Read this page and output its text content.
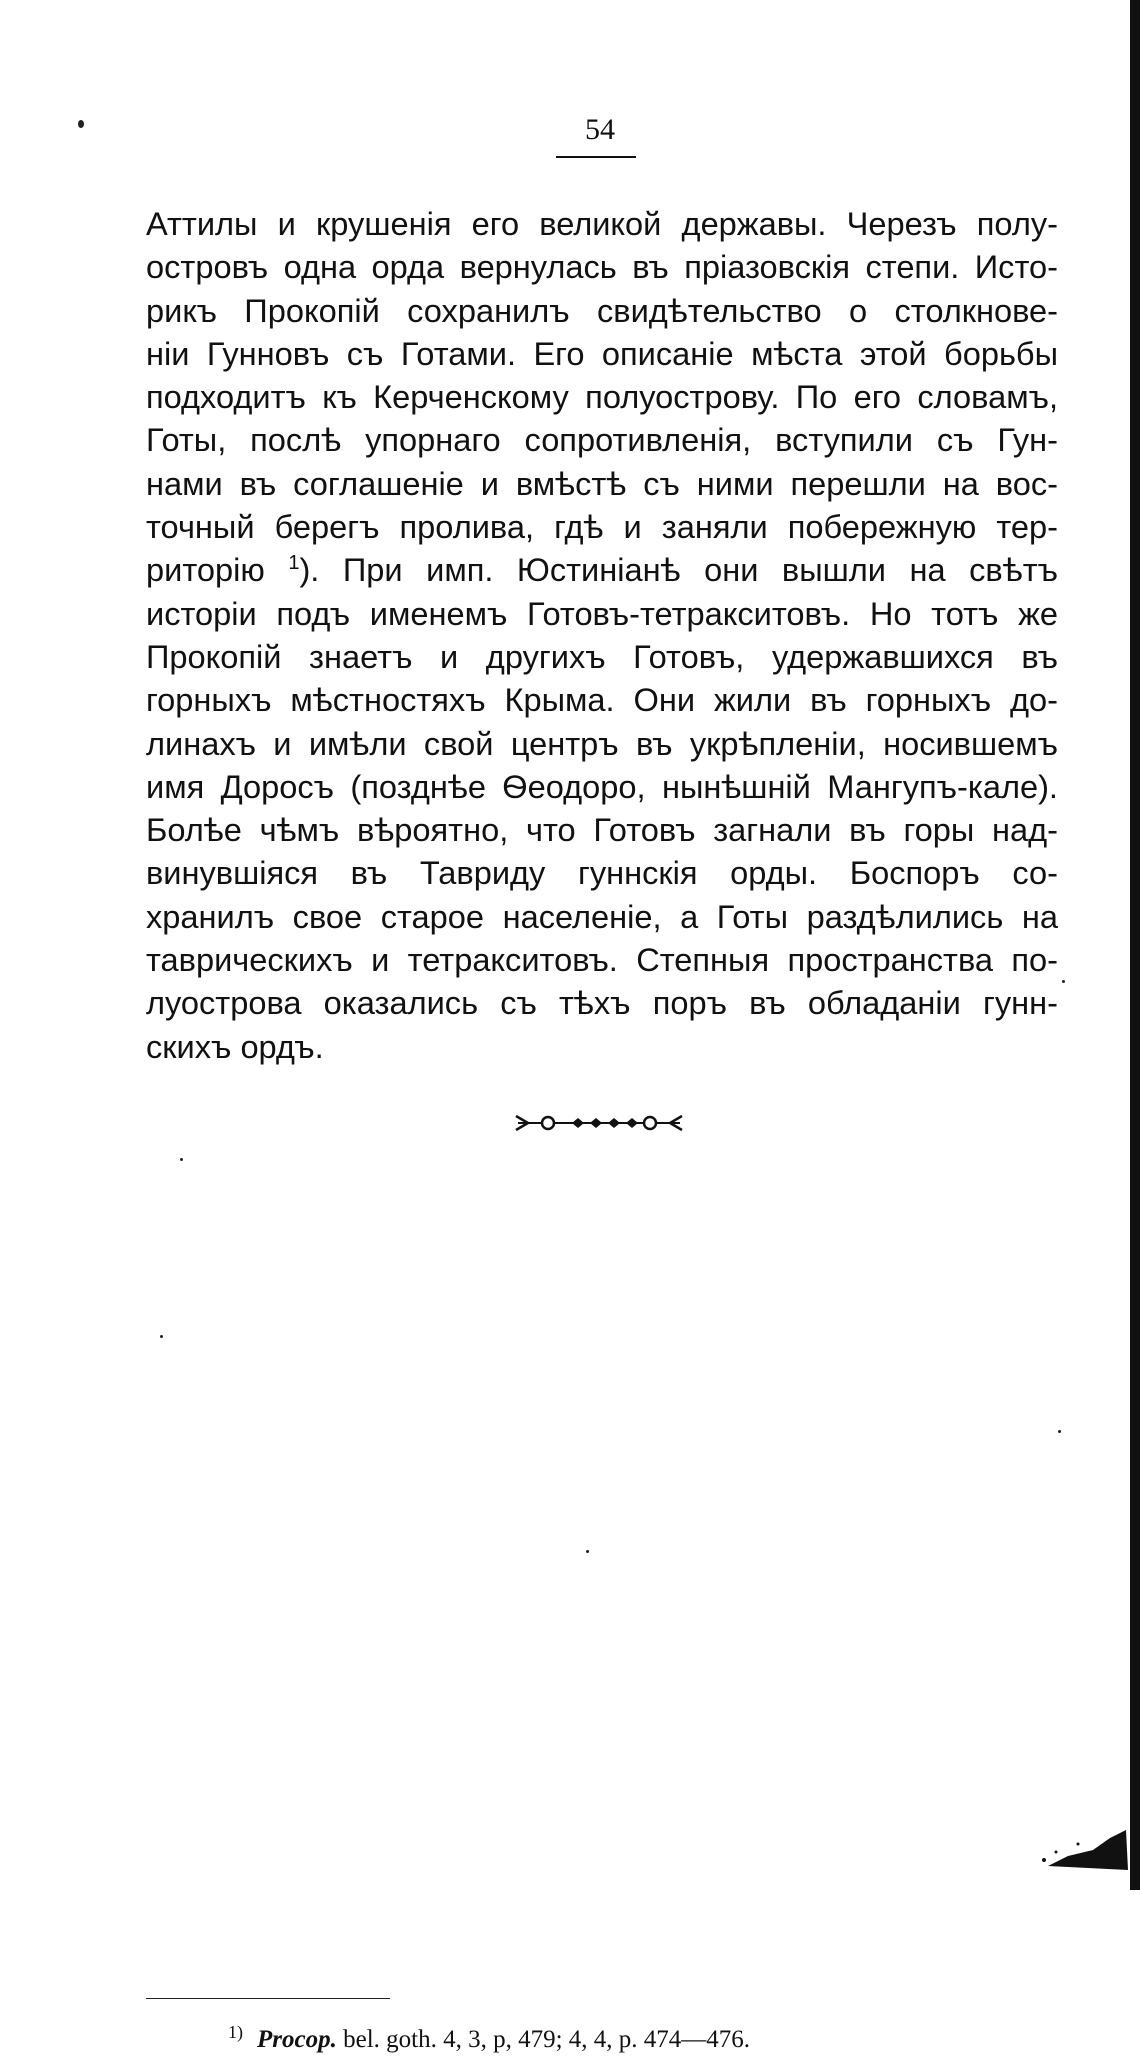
54
Аттилы и крушенія его великой державы. Черезъ полу-
островъ одна орда вернулась въ пріазовскія степи. Исто-
рикъ Прокопій сохранилъ свидѣтельство о столкнове-
ніи Гунновъ съ Готами. Его описаніе мѣста этой борьбы
подходитъ къ Керченскому полуострову. По его словамъ,
Готы, послѣ упорнаго сопротивленія, вступили съ Гун-
нами въ соглашеніе и вмѣстѣ съ ними перешли на вос-
точный берегъ пролива, гдѣ и заняли побережную тер-
риторію $^1$). При имп. Юстиніанѣ они вышли на свѣтъ
исторіи подъ именемъ Готовъ-тетракситовъ. Но тотъ же
Прокопій знаетъ и другихъ Готовъ, удержавшихся въ
горныхъ мѣстностяхъ Крыма. Они жили въ горныхъ до-
линахъ и имѣли свой центръ въ укрѣпленіи, носившемъ
имя Доросъ (позднѣе Ѳеодоро, нынѣшній Мангупъ-кале).
Болѣе чѣмъ вѣроятно, что Готовъ загнали въ горы над-
винувшіяся въ Тавриду гуннскія орды. Боспоръ со-
хранилъ свое старое населеніе, а Готы раздѣлились на
таврическихъ и тетракситовъ. Степныя пространства по-
луострова оказались съ тѣхъ поръ въ обладаніи гунн-
скихъ ордъ.
$^{1)}$ Procop. bel. goth. 4, 3, p, 479; 4, 4, p. 474—476.
